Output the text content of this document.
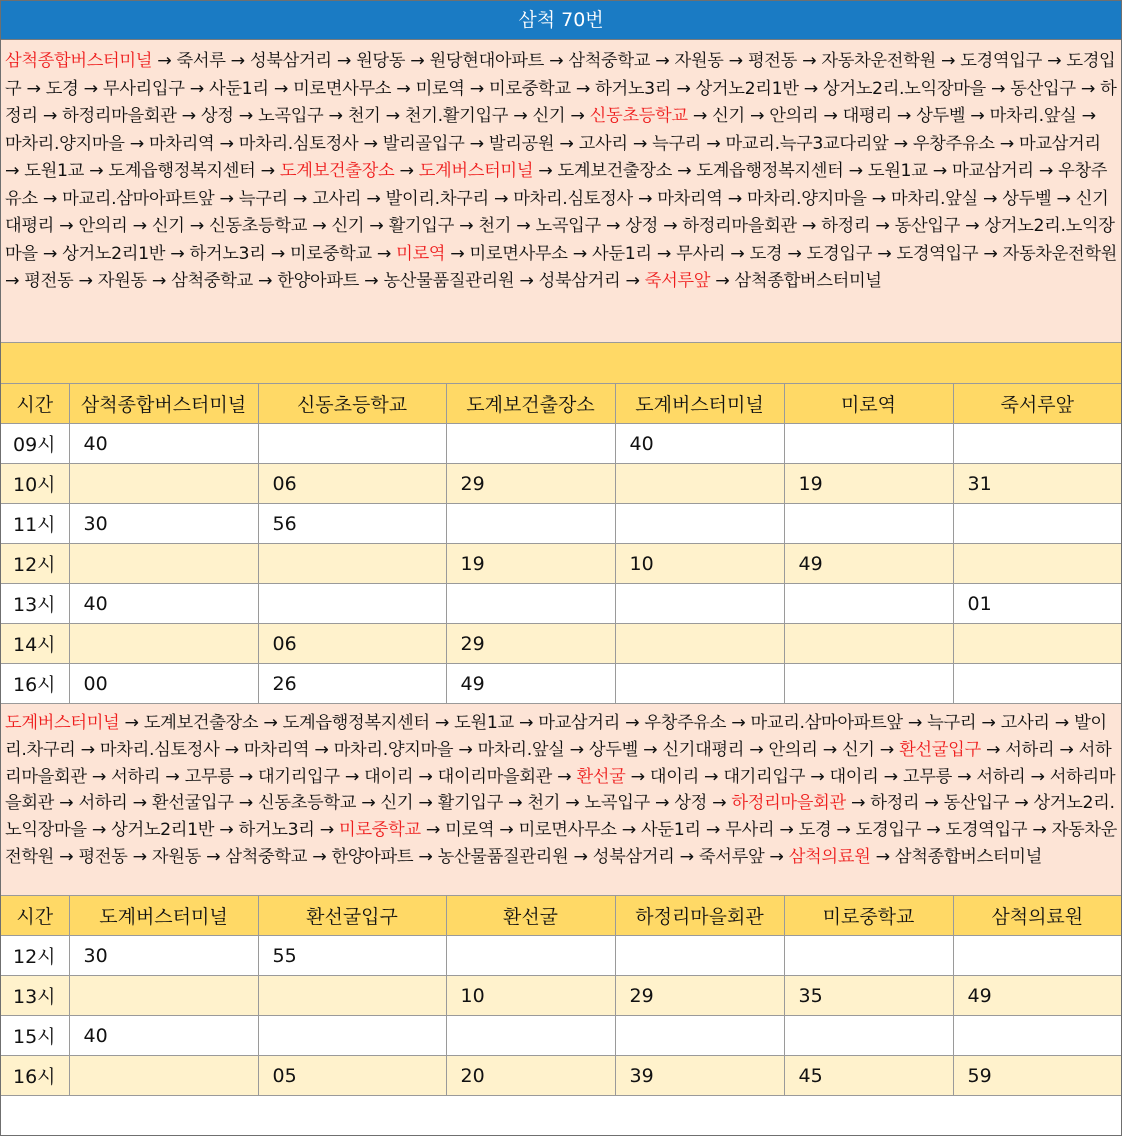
삼척 70번
삼척종합버스터미널 → 죽서루 → 성북삼거리 → 원당동 → 원당현대아파트 → 삼척중학교 → 자원동 → 평전동 → 자동차운전학원 → 도경역입구 → 도경입구 → 도경 → 무사리입구 → 사둔1리 → 미로면사무소 → 미로역 → 미로중학교 → 하거노3리 → 상거노2리1반 → 상거노2리.노익장마을 → 동산입구 → 하정리 → 하정리마을회관 → 상정 → 노곡입구 → 천기 → 천기.활기입구 → 신기 → 신동초등학교 → 신기 → 안의리 → 대평리 → 상두벨 → 마차리.앞실 → 마차리.양지마을 → 마차리역 → 마차리.심토정사 → 발리골입구 → 발리공원 → 고사리 → 늑구리 → 마교리.늑구3교다리앞 → 우창주유소 → 마교삼거리 → 도원1교 → 도계읍행정복지센터 → 도계보건출장소 → 도계버스터미널 → 도계보건출장소 → 도계읍행정복지센터 → 도원1교 → 마교삼거리 → 우창주유소 → 마교리.삼마아파트앞 → 늑구리 → 고사리 → 발이리.차구리 → 마차리.심토정사 → 마차리역 → 마차리.양지마을 → 마차리.앞실 → 상두벨 → 신기대평리 → 안의리 → 신기 → 신동초등학교 → 신기 → 활기입구 → 천기 → 노곡입구 → 상정 → 하정리마을회관 → 하정리 → 동산입구 → 상거노2리.노익장마을 → 상거노2리1반 → 하거노3리 → 미로중학교 → 미로역 → 미로면사무소 → 사둔1리 → 무사리 → 도경 → 도경입구 → 도경역입구 → 자동차운전학원 → 평전동 → 자원동 → 삼척중학교 → 한양아파트 → 농산물품질관리원 → 성북삼거리 → 죽서루앞 → 삼척종합버스터미널
시간	삼척종합버스터미널	신동초등학교	도계보건출장소	도계버스터미널	미로역	죽서루앞
09시	40			40		
10시		06	29		19	31
11시	30	56				
12시			19	10	49	
13시	40					01
14시		06	29			
16시	00	26	49			
도계버스터미널 → 도계보건출장소 → 도계읍행정복지센터 → 도원1교 → 마교삼거리 → 우창주유소 → 마교리.삼마아파트앞 → 늑구리 → 고사리 → 발이리.차구리 → 마차리.심토정사 → 마차리역 → 마차리.양지마을 → 마차리.앞실 → 상두벨 → 신기대평리 → 안의리 → 신기 → 환선굴입구 → 서하리 → 서하리마을회관 → 서하리 → 고무릉 → 대기리입구 → 대이리 → 대이리마을회관 → 환선굴 → 대이리 → 대기리입구 → 대이리 → 고무릉 → 서하리 → 서하리마을회관 → 서하리 → 환선굴입구 → 신동초등학교 → 신기 → 활기입구 → 천기 → 노곡입구 → 상정 → 하정리마을회관 → 하정리 → 동산입구 → 상거노2리.노익장마을 → 상거노2리1반 → 하거노3리 → 미로중학교 → 미로역 → 미로면사무소 → 사둔1리 → 무사리 → 도경 → 도경입구 → 도경역입구 → 자동차운전학원 → 평전동 → 자원동 → 삼척중학교 → 한양아파트 → 농산물품질관리원 → 성북삼거리 → 죽서루앞 → 삼척의료원 → 삼척종합버스터미널
시간	도계버스터미널	환선굴입구	환선굴	하정리마을회관	미로중학교	삼척의료원
12시	30	55				
13시			10	29	35	49
15시	40					
16시		05	20	39	45	59
